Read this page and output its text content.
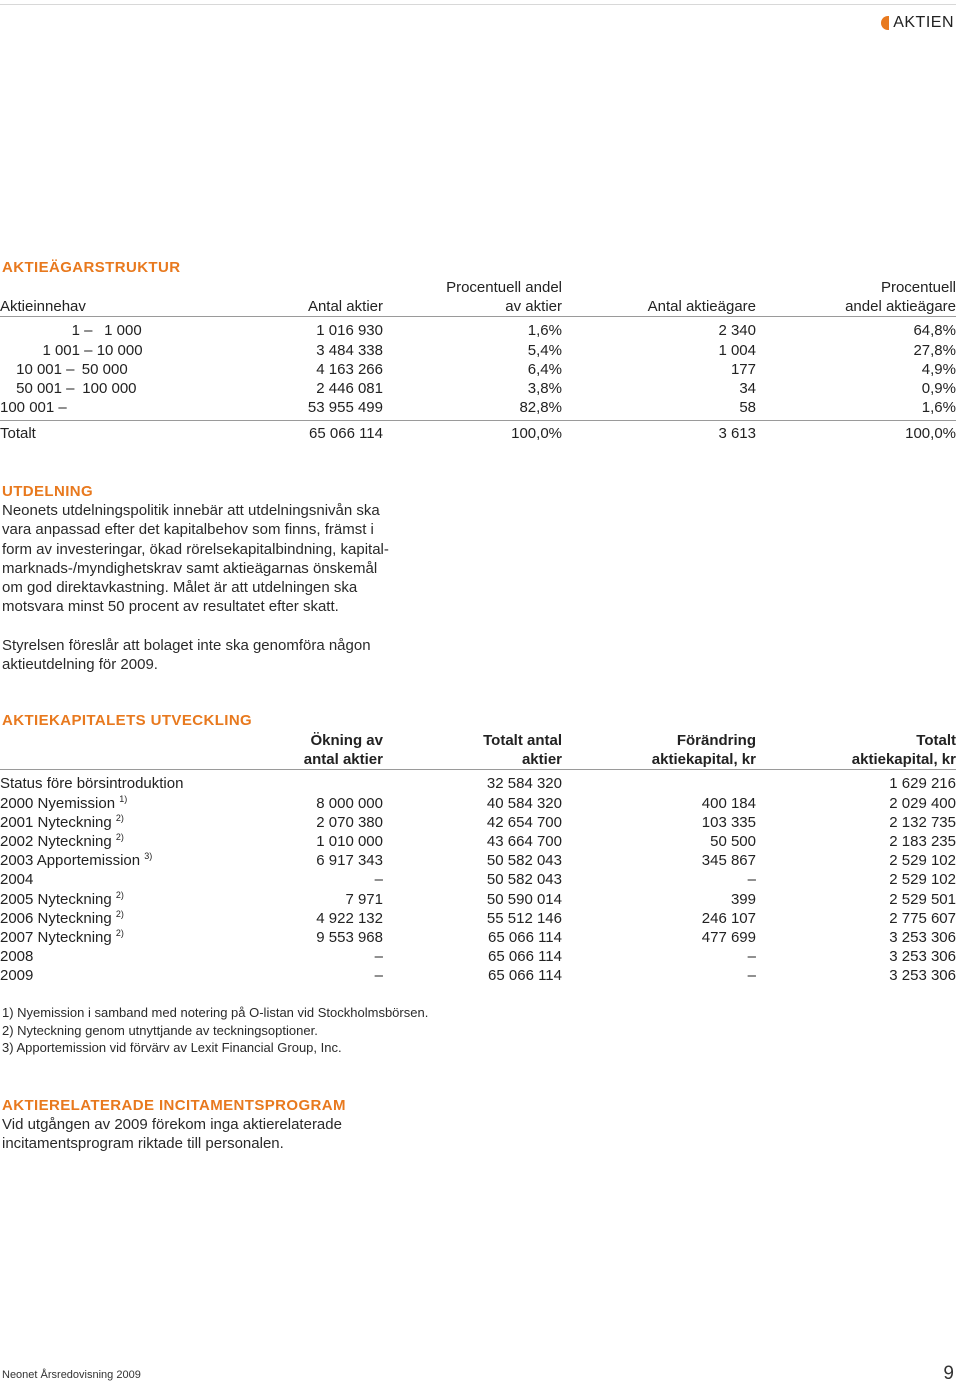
AKTIEN
AKTIEÄGARSTRUKTUR
		Procentuell andel		Procentuell
Aktieinnehav	Antal aktier	av aktier	Antal aktieägare	andel aktieägare

1 – 1 000	1 016 930	1,6%	2 340	64,8%
1 001 – 10 000	3 484 338	5,4%	1 004	27,8%
10 001 – 50 000	4 163 266	6,4%	177	4,9%
50 001 – 100 000	2 446 081	3,8%	34	0,9%
100 001 –	53 955 499	82,8%	58	1,6%

Totalt	65 066 114	100,0%	3 613	100,0%
UTDELNING
Neonets utdelningspolitik innebär att utdelningsnivån ska
vara anpassad efter det kapitalbehov som finns, främst i
form av investeringar, ökad rörelsekapitalbindning, kapital-
marknads-/myndighetskrav samt aktieägarnas önskemål
om god direktavkastning. Målet är att utdelningen ska
motsvara minst 50 procent av resultatet efter skatt.
Styrelsen föreslår att bolaget inte ska genomföra någon
aktieutdelning för 2009.
AKTIEKAPITALETS UTVECKLING
	Ökning av	Totalt antal	Förändring	Totalt
	antal aktier	aktier	aktiekapital, kr	aktiekapital, kr

Status före börsintroduktion		32 584 320		1 629 216
2000 Nyemission $^{1)}$	8 000 000	40 584 320	400 184	2 029 400
2001 Nyteckning $^{2)}$	2 070 380	42 654 700	103 335	2 132 735
2002 Nyteckning $^{2)}$	1 010 000	43 664 700	50 500	2 183 235
2003 Apportemission $^{3)}$	6 917 343	50 582 043	345 867	2 529 102
2004	–	50 582 043	–	2 529 102
2005 Nyteckning $^{2)}$	7 971	50 590 014	399	2 529 501
2006 Nyteckning $^{2)}$	4 922 132	55 512 146	246 107	2 775 607
2007 Nyteckning $^{2)}$	9 553 968	65 066 114	477 699	3 253 306
2008	–	65 066 114	–	3 253 306
2009	–	65 066 114	–	3 253 306
1) Nyemission i samband med notering på O-listan vid Stockholmsbörsen.
2) Nyteckning genom utnyttjande av teckningsoptioner.
3) Apportemission vid förvärv av Lexit Financial Group, Inc.
AKTIERELATERADE INCITAMENTSPROGRAM
Vid utgången av 2009 förekom inga aktierelaterade
incitamentsprogram riktade till personalen.
Neonet Årsredovisning 2009	9
